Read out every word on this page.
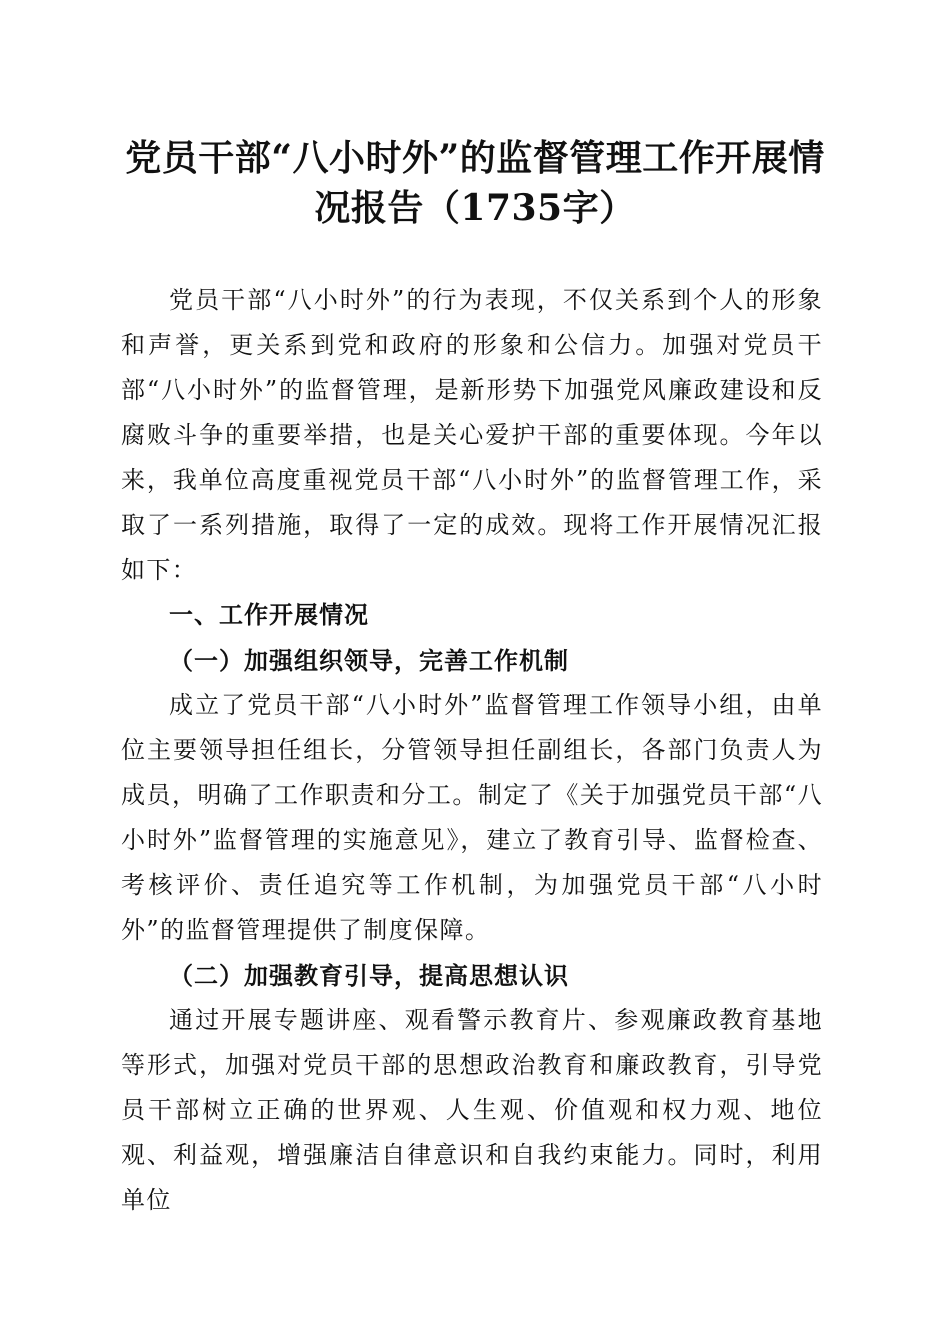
党员干部“八小时外”的监督管理工作开展情
况报告（1735字）

党员干部“八小时外”的行为表现，不仅关系到个人的形象和声誉，更关系到党和政府的形象和公信力。加强对党员干部“八小时外”的监督管理，是新形势下加强党风廉政建设和反腐败斗争的重要举措，也是关心爱护干部的重要体现。今年以来，我单位高度重视党员干部“八小时外”的监督管理工作，采取了一系列措施，取得了一定的成效。现将工作开展情况汇报如下：

一、工作开展情况

（一）加强组织领导，完善工作机制

成立了党员干部“八小时外”监督管理工作领导小组，由单位主要领导担任组长，分管领导担任副组长，各部门负责人为成员，明确了工作职责和分工。制定了《关于加强党员干部“八小时外”监督管理的实施意见》，建立了教育引导、监督检查、考核评价、责任追究等工作机制，为加强党员干部“八小时外”的监督管理提供了制度保障。

（二）加强教育引导，提高思想认识

通过开展专题讲座、观看警示教育片、参观廉政教育基地等形式，加强对党员干部的思想政治教育和廉政教育，引导党员干部树立正确的世界观、人生观、价值观和权力观、地位观、利益观，增强廉洁自律意识和自我约束能力。同时，利用单位
